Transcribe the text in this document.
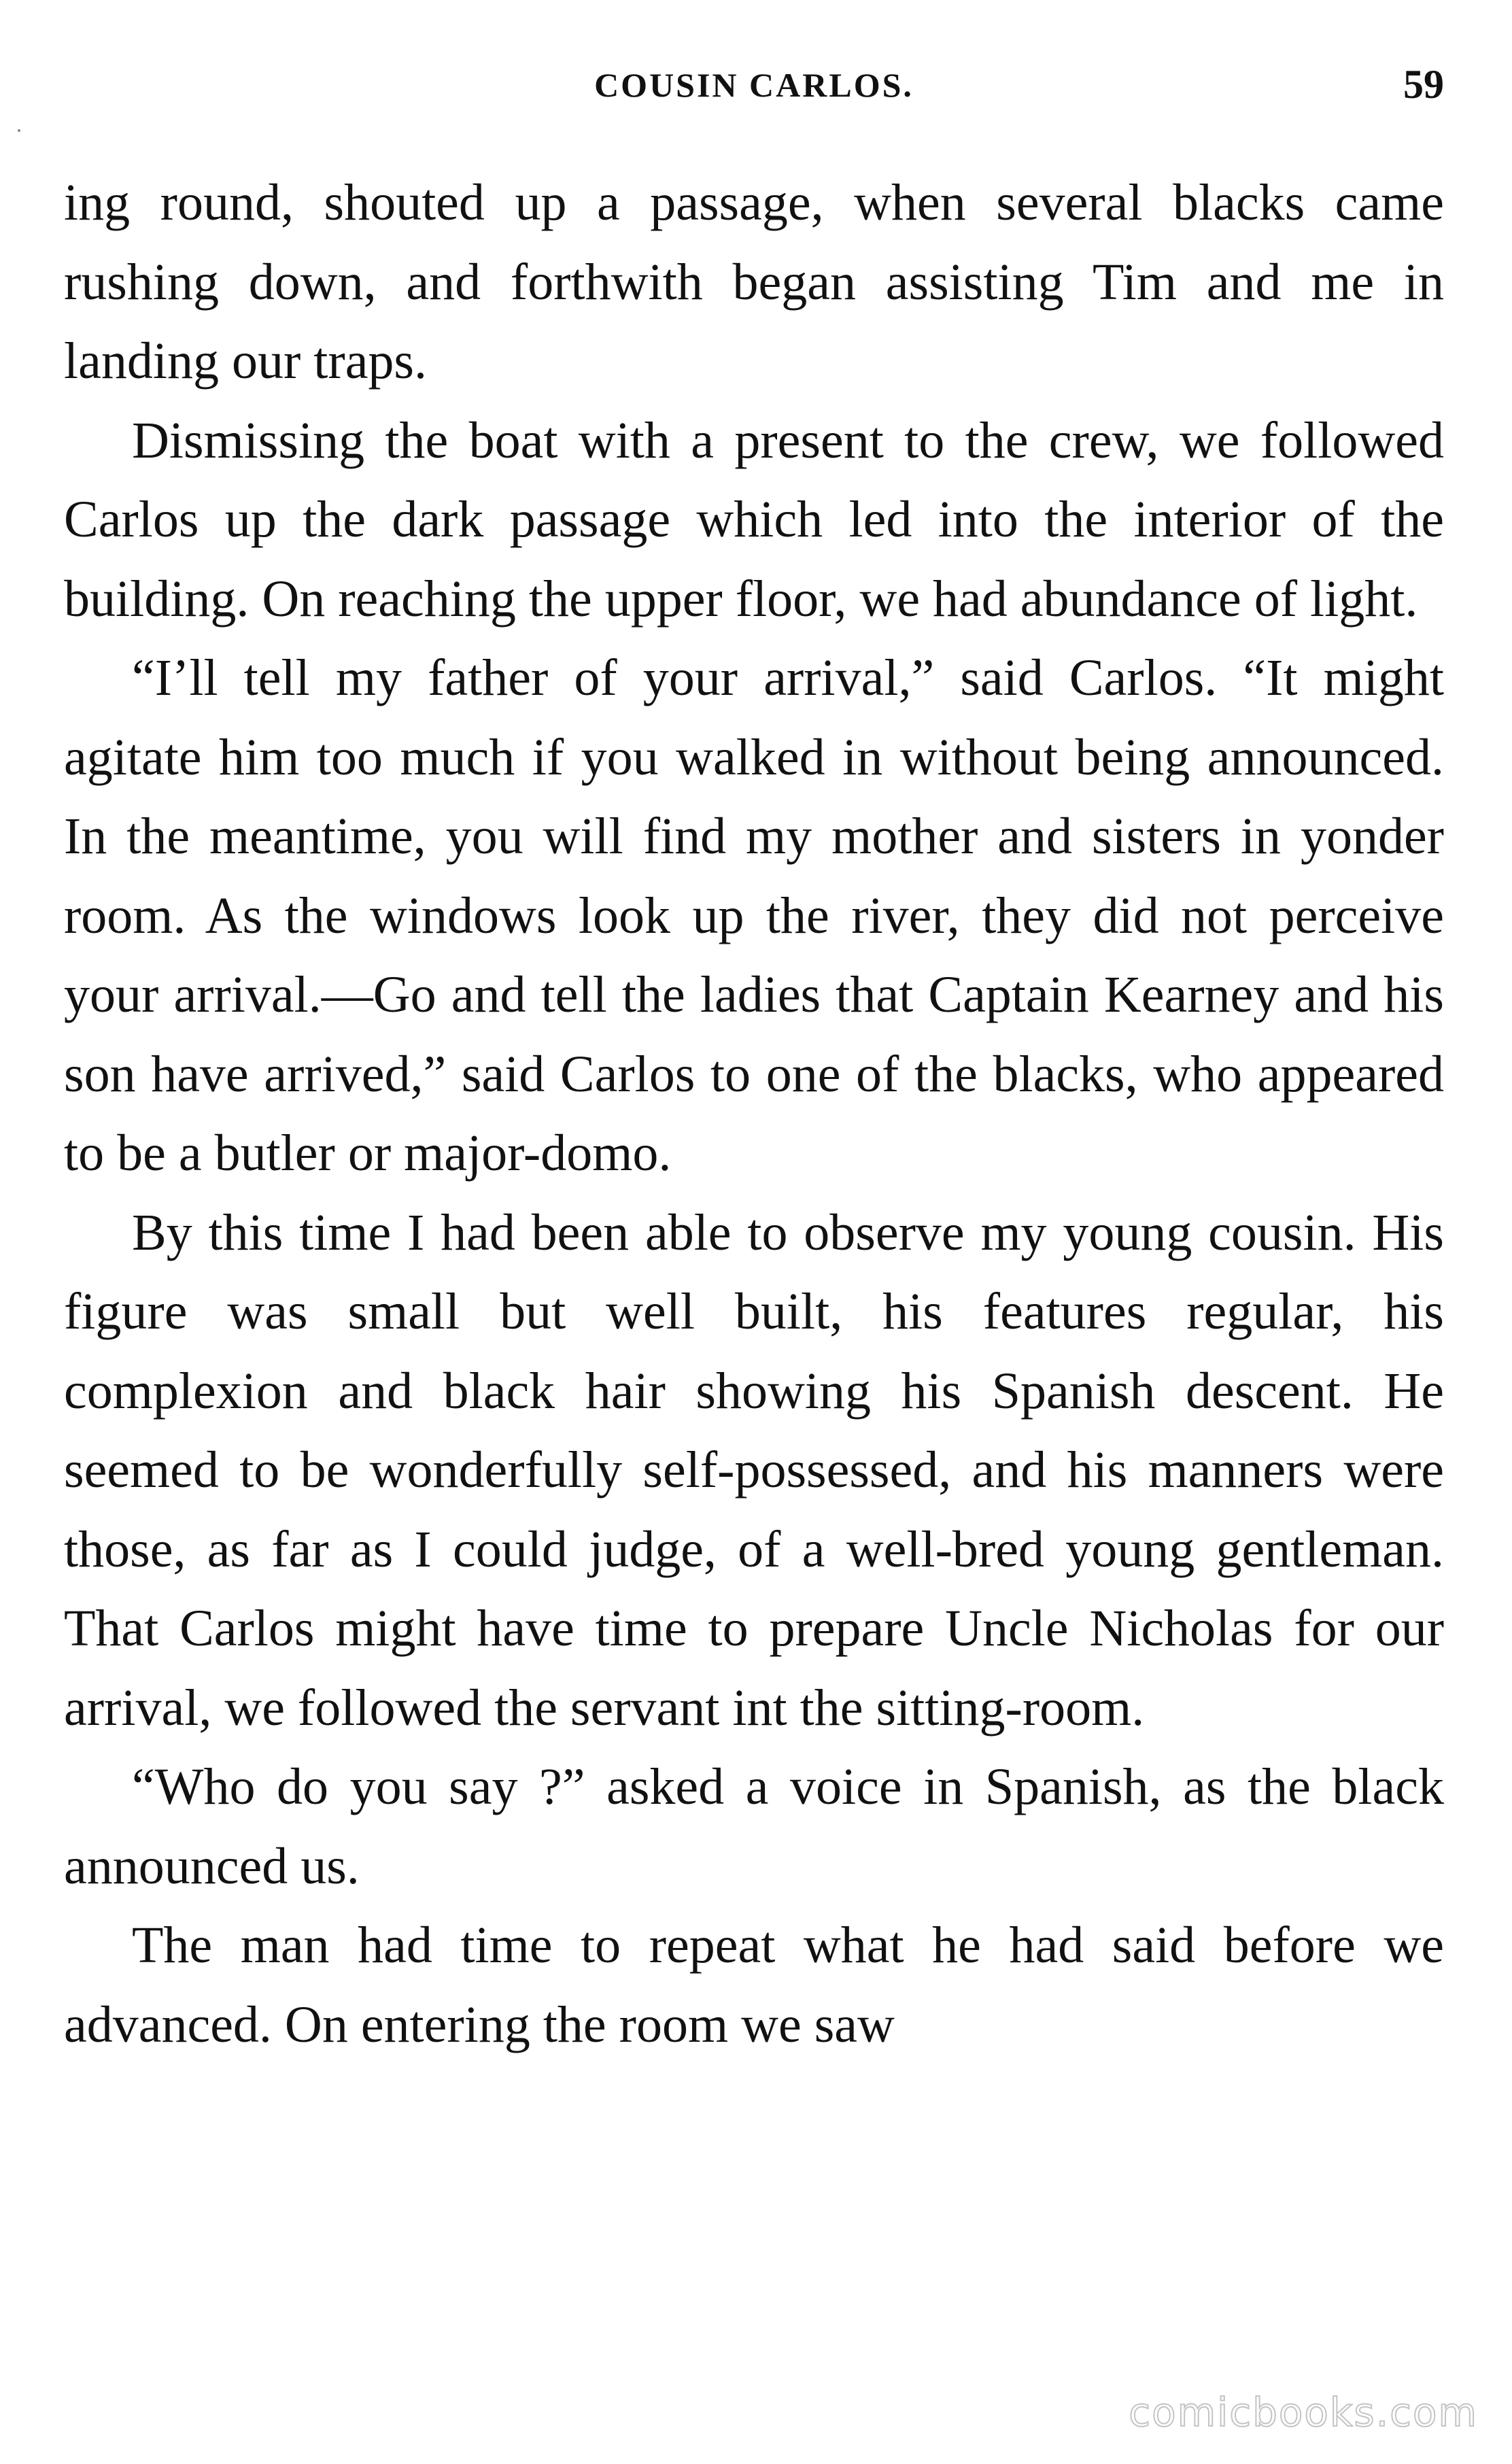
COUSIN CARLOS.	59

ing round, shouted up a passage, when several blacks came rushing down, and forthwith began assisting Tim and me in landing our traps.

Dismissing the boat with a present to the crew, we followed Carlos up the dark passage which led into the interior of the building. On reaching the upper floor, we had abundance of light.

“I’ll tell my father of your arrival,” said Carlos. “It might agitate him too much if you walked in without being announced. In the meantime, you will find my mother and sisters in yonder room. As the windows look up the river, they did not perceive your arrival.—Go and tell the ladies that Captain Kearney and his son have arrived,” said Carlos to one of the blacks, who appeared to be a butler or major-domo.

By this time I had been able to observe my young cousin. His figure was small but well built, his features regular, his complexion and black hair showing his Spanish descent. He seemed to be wonderfully self-possessed, and his manners were those, as far as I could judge, of a well-bred young gentleman. That Carlos might have time to prepare Uncle Nicholas for our arrival, we followed the servant int the sitting-room.

“Who do you say ?” asked a voice in Spanish, as the black announced us.

The man had time to repeat what he had said before we advanced. On entering the room we saw

comicbooks.com
